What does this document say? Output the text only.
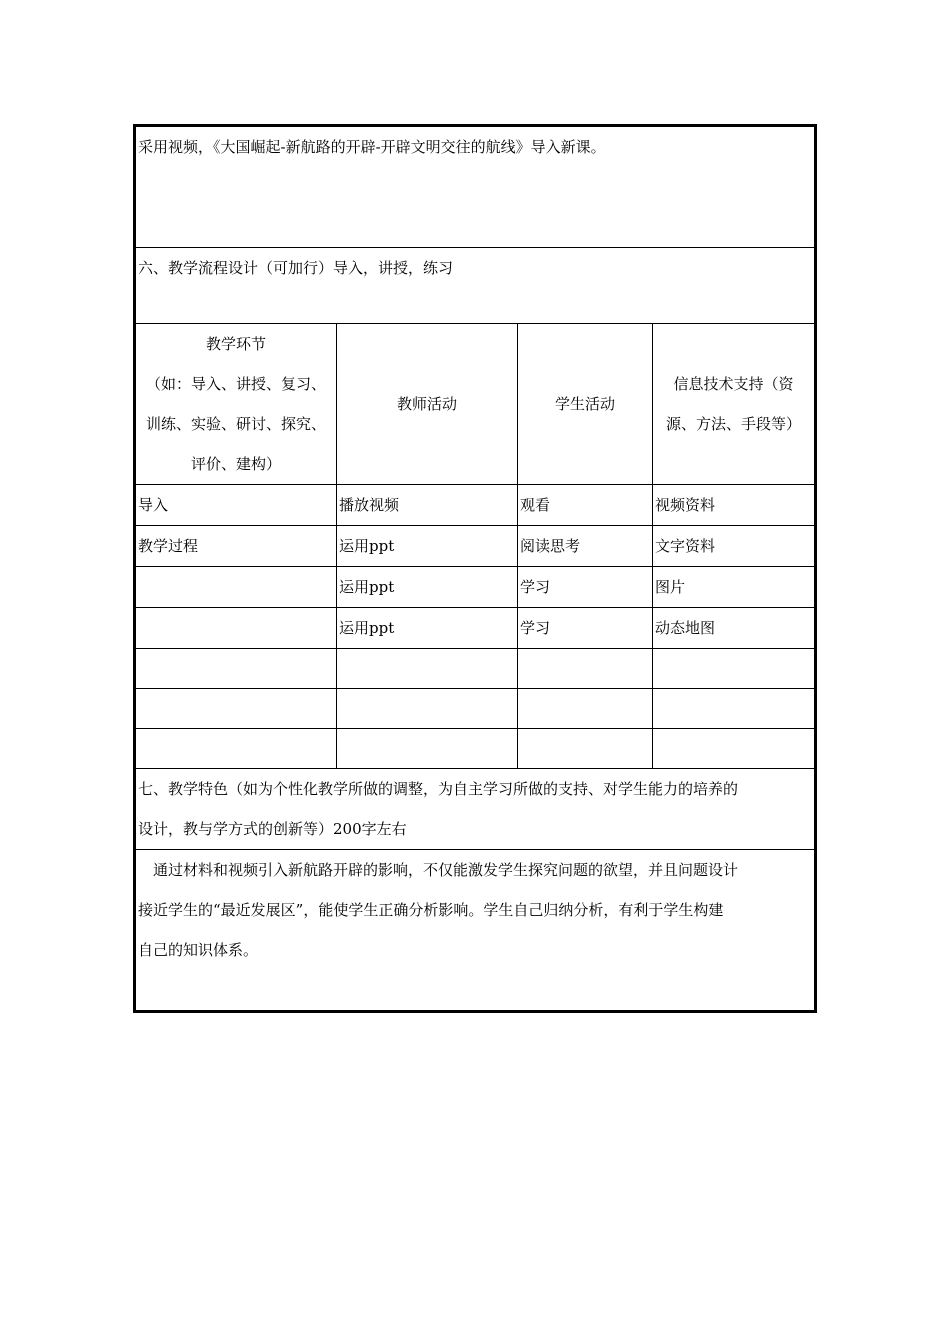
采用视频，《大国崛起-新航路的开辟-开辟文明交往的航线》导入新课。			
六、教学流程设计（可加行）导入，讲授，练习			

教学环节
（如：导入、讲授、复习、
训练、实验、研讨、探究、
评价、建构）	教师活动	学生活动	信息技术支持（资
源、方法、手段等）

导入	播放视频	观看	视频资料
教学过程	运用ppt	阅读思考	文字资料
	运用ppt	学习	图片
	运用ppt	学习	动态地图

七、教学特色（如为个性化教学所做的调整，为自主学习所做的支持、对学生能力的培养的
设计，教与学方式的创新等）200字左右			

通过材料和视频引入新航路开辟的影响，不仅能激发学生探究问题的欲望，并且问题设计
接近学生的“最近发展区”，能使学生正确分析影响。学生自己归纳分析，有利于学生构建
自己的知识体系。			
